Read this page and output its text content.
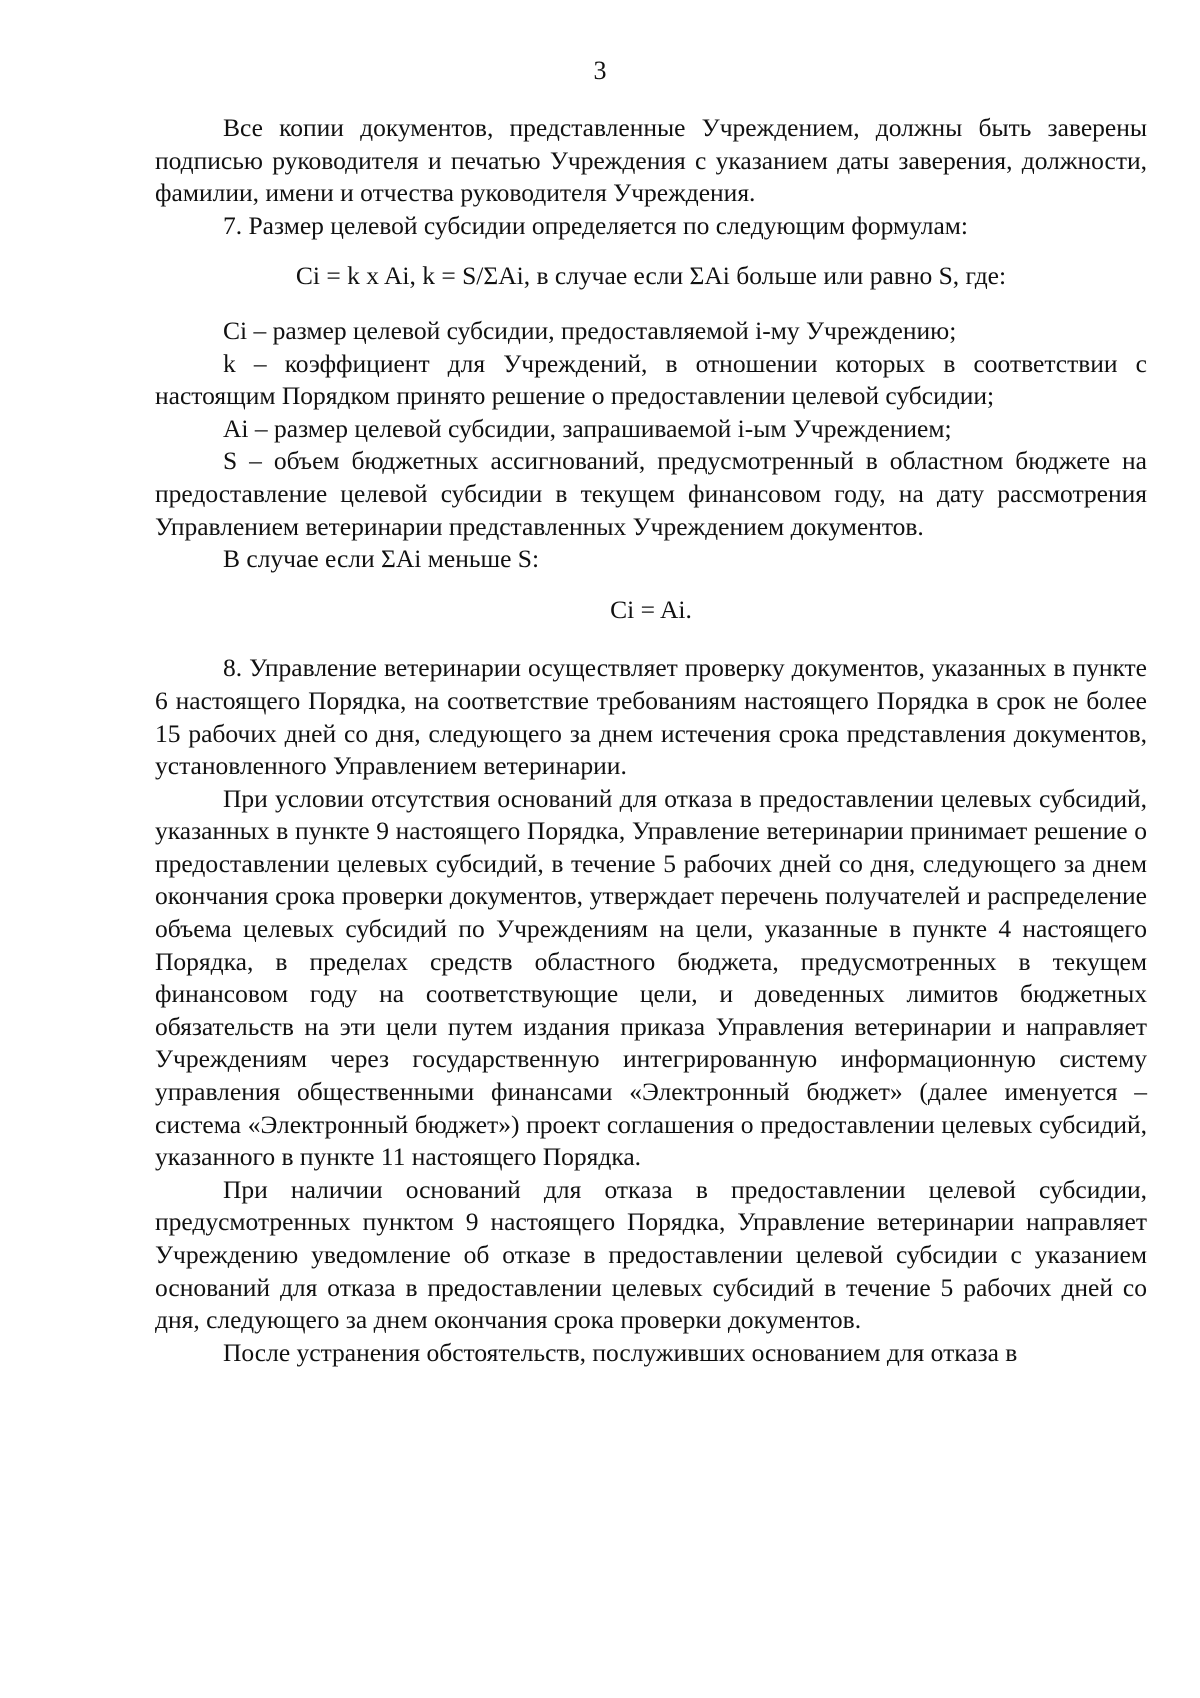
3

Все копии документов, представленные Учреждением, должны быть заверены подписью руководителя и печатью Учреждения с указанием даты заверения, должности, фамилии, имени и отчества руководителя Учреждения.

7. Размер целевой субсидии определяется по следующим формулам:

Ci = k x Ai, k = S/ΣAi, в случае если ΣAi больше или равно S, где:

Ci – размер целевой субсидии, предоставляемой i-му Учреждению;

k – коэффициент для Учреждений, в отношении которых в соответствии с настоящим Порядком принято решение о предоставлении целевой субсидии;

Ai – размер целевой субсидии, запрашиваемой i-ым Учреждением;

S – объем бюджетных ассигнований, предусмотренный в областном бюджете на предоставление целевой субсидии в текущем финансовом году, на дату рассмотрения Управлением ветеринарии представленных Учреждением документов.

В случае если ΣAi меньше S:

Ci = Ai.

8. Управление ветеринарии осуществляет проверку документов, указанных в пункте 6 настоящего Порядка, на соответствие требованиям настоящего Порядка в срок не более 15 рабочих дней со дня, следующего за днем истечения срока представления документов, установленного Управлением ветеринарии.

При условии отсутствия оснований для отказа в предоставлении целевых субсидий, указанных в пункте 9 настоящего Порядка, Управление ветеринарии принимает решение о предоставлении целевых субсидий, в течение 5 рабочих дней со дня, следующего за днем окончания срока проверки документов, утверждает перечень получателей и распределение объема целевых субсидий по Учреждениям на цели, указанные в пункте 4 настоящего Порядка, в пределах средств областного бюджета, предусмотренных в текущем финансовом году на соответствующие цели, и доведенных лимитов бюджетных обязательств на эти цели путем издания приказа Управления ветеринарии и направляет Учреждениям через государственную интегрированную информационную систему управления общественными финансами «Электронный бюджет» (далее именуется – система «Электронный бюджет») проект соглашения о предоставлении целевых субсидий, указанного в пункте 11 настоящего Порядка.

При наличии оснований для отказа в предоставлении целевой субсидии, предусмотренных пунктом 9 настоящего Порядка, Управление ветеринарии направляет Учреждению уведомление об отказе в предоставлении целевой субсидии с указанием оснований для отказа в предоставлении целевых субсидий в течение 5 рабочих дней со дня, следующего за днем окончания срока проверки документов.

После устранения обстоятельств, послуживших основанием для отказа в
